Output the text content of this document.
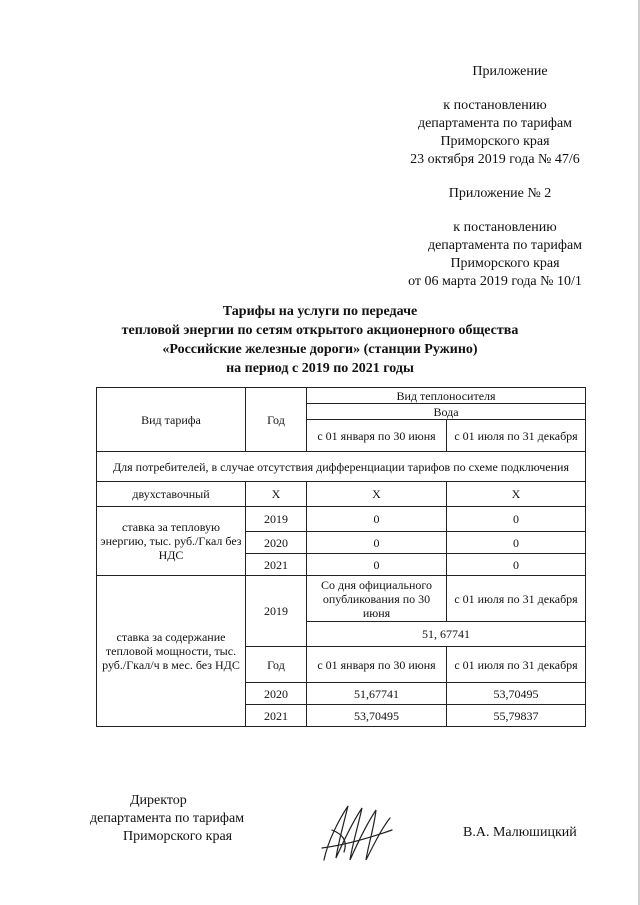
Приложение
к постановлению
департамента по тарифам
Приморского края
23 октября 2019 года № 47/6
Приложение № 2
к постановлению
департамента по тарифам
Приморского края
от 06 марта 2019 года № 10/1
Тарифы на услуги по передаче
тепловой энергии по сетям открытого акционерного общества
«Российские железные дороги» (станции Ружино)
на период с 2019 по 2021 годы
Вид тарифа	Год	Вид теплоносителя	
		Вода	
		с 01 января по 30 июня	с 01 июля по 31 декабря
Для потребителей, в случае отсутствия дифференциации тарифов по схеме подключения			
двухставочный	Х	Х	Х
ставка за тепловую энергию, тыс. руб./Гкал без НДС	2019	0	0
	2020	0	0
	2021	0	0
ставка за содержание тепловой мощности, тыс. руб./Гкал/ч в мес. без НДС	2019	Со дня официального опубликования по 30 июня	с 01 июля по 31 декабря
		51, 67741	
	Год	с 01 января по 30 июня	с 01 июля по 31 декабря
	2020	51,67741	53,70495
	2021	53,70495	55,79837
Директор
департамента по тарифам
Приморского края	В.А. Малюшицкий
